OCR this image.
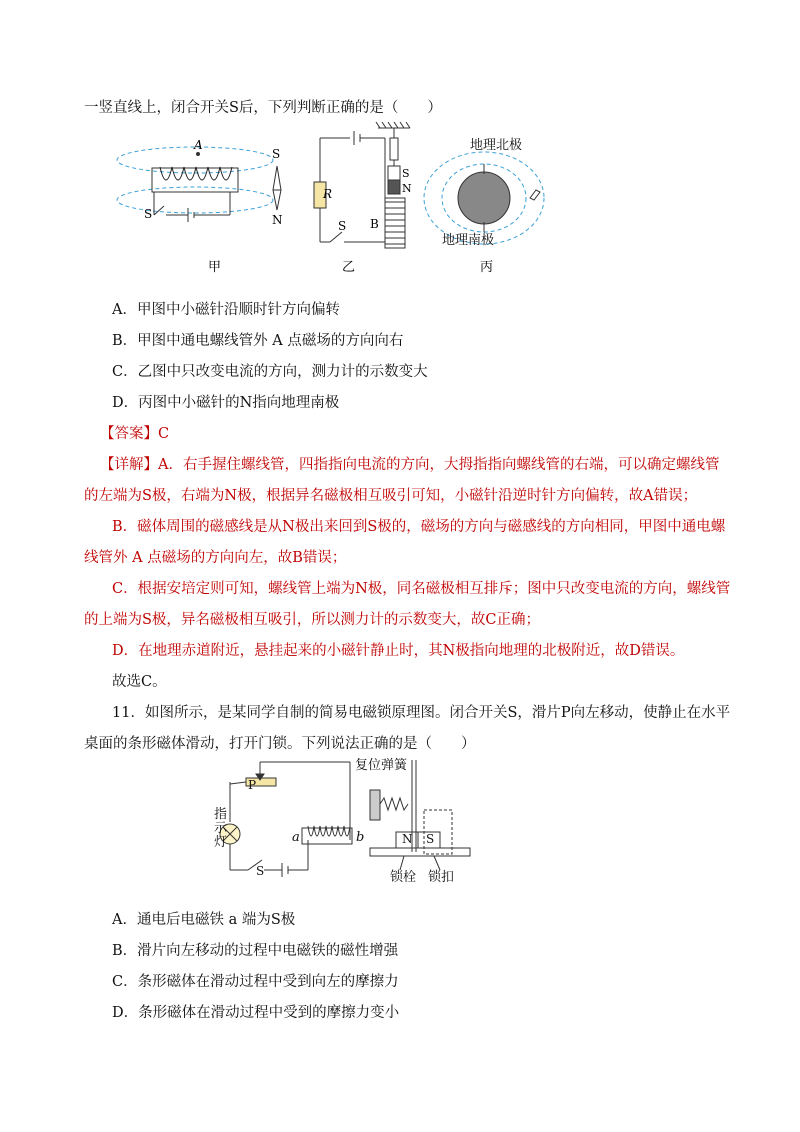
一竖直线上，闭合开关S后，下列判断正确的是（　　）
A
S
S
N
甲
R
S
N
S B
乙	丙
地理北极
地理南极
A．甲图中小磁针沿顺时针方向偏转
B．甲图中通电螺线管外 A 点磁场的方向向右
C．乙图中只改变电流的方向，测力计的示数变大
D．丙图中小磁针的N指向地理南极
【答案】C
【详解】A．右手握住螺线管，四指指向电流的方向，大拇指指向螺线管的右端，可以确定螺线管
的左端为S极，右端为N极，根据异名磁极相互吸引可知，小磁针沿逆时针方向偏转，故A错误；
B．磁体周围的磁感线是从N极出来回到S极的，磁场的方向与磁感线的方向相同，甲图中通电螺
线管外 A 点磁场的方向向左，故B错误；
C．根据安培定则可知，螺线管上端为N极，同名磁极相互排斥；图中只改变电流的方向，螺线管
的上端为S极，异名磁极相互吸引，所以测力计的示数变大，故C正确；
D．在地理赤道附近，悬挂起来的小磁针静止时，其N极指向地理的北极附近，故D错误。
故选C。
11．如图所示，是某同学自制的简易电磁锁原理图。闭合开关S，滑片P向左移动，使静止在水平
桌面的条形磁体滑动，打开门锁。下列说法正确的是（　　）
复位弹簧
P
指
示
灯	a	b
S
N S
锁栓 锁扣
A．通电后电磁铁 a 端为S极
B．滑片向左移动的过程中电磁铁的磁性增强
C．条形磁体在滑动过程中受到向左的摩擦力
D．条形磁体在滑动过程中受到的摩擦力变小
